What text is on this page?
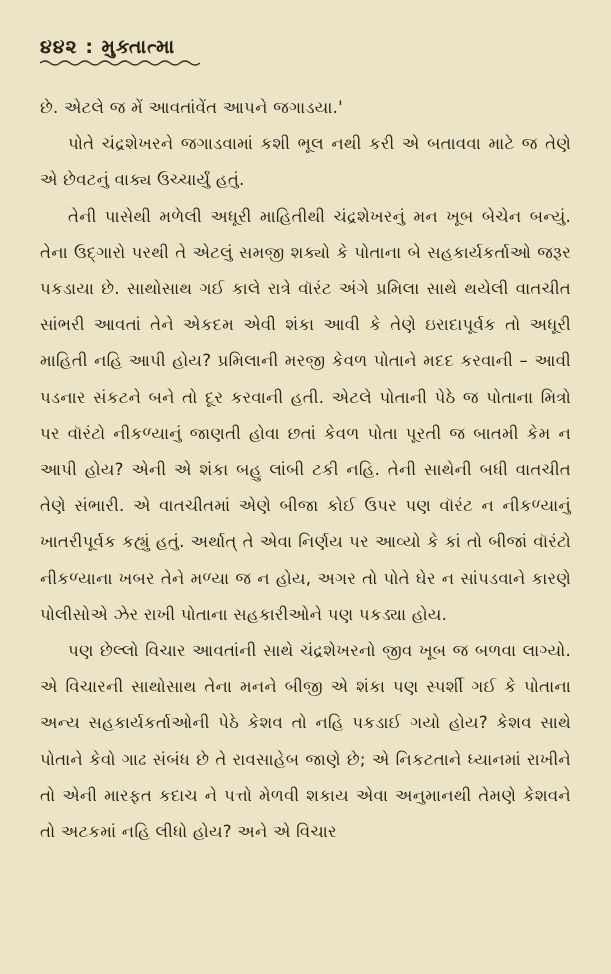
૪૪૨ : મુક્તાત્મા

છે. એટલે જ મેં આવતાંવેંત આપને જગાડયા.'

પોતે ચંદ્રશેખરને જગાડવામાં કશી ભૂલ નથી કરી એ બતાવવા માટે જ તેણે એ છેવટનું વાક્ય ઉચ્ચાર્યું હતું.

તેની પાસેથી મળેલી અધૂરી માહિતીથી ચંદ્રશેખરનું મન ખૂબ બેચેન બન્યું. તેના ઉદ્ગારો પરથી તે એટલું સમજી શક્યો કે પોતાના બે સહકાર્યકર્તાઓ જરૂર પકડાયા છે. સાથોસાથ ગઈ કાલે રાત્રે વૉરંટ અંગે પ્રમિલા સાથે થયેલી વાતચીત સાંભરી આવતાં તેને એકદમ એવી શંકા આવી કે તેણે ઇરાદાપૂર્વક તો અધૂરી માહિતી નહિ આપી હોય? પ્રમિલાની મરજી કેવળ પોતાને મદદ કરવાની – આવી પડનાર સંકટને બને તો દૂર કરવાની હતી. એટલે પોતાની પેઠે જ પોતાના મિત્રો પર વૉરંટો નીકળ્યાનું જાણતી હોવા છતાં કેવળ પોતા પૂરતી જ બાતમી કેમ ન આપી હોય? એની એ શંકા બહુ લાંબી ટકી નહિ. તેની સાથેની બધી વાતચીત તેણે સંભારી. એ વાતચીતમાં એણે બીજા કોઈ ઉપર પણ વૉરંટ ન નીકળ્યાનું ખાતરીપૂર્વક કહ્યું હતું. અર્થાત્ તે એવા નિર્ણય પર આવ્યો કે કાં તો બીજાં વૉરંટો નીકળ્યાના ખબર તેને મળ્યા જ ન હોય, અગર તો પોતે ઘેર ન સાંપડવાને કારણે પોલીસોએ ઝેર રાખી પોતાના સહકારીઓને પણ પકડ્યા હોય.

પણ છેલ્લો વિચાર આવતાંની સાથે ચંદ્રશેખરનો જીવ ખૂબ જ બળવા લાગ્યો. એ વિચારની સાથોસાથ તેના મનને બીજી એ શંકા પણ સ્પર્શી ગઈ કે પોતાના અન્ય સહકાર્યકર્તાઓની પેઠે કેશવ તો નહિ પકડાઈ ગયો હોય? કેશવ સાથે પોતાને કેવો ગાઢ સંબંધ છે તે રાવસાહેબ જાણે છે; એ નિકટતાને ધ્યાનમાં રાખીને તો એની મારફત કદાચ ને પત્તો મેળવી શકાય એવા અનુમાનથી તેમણે કેશવને તો અટકમાં નહિ લીધો હોય? અને એ વિચાર
